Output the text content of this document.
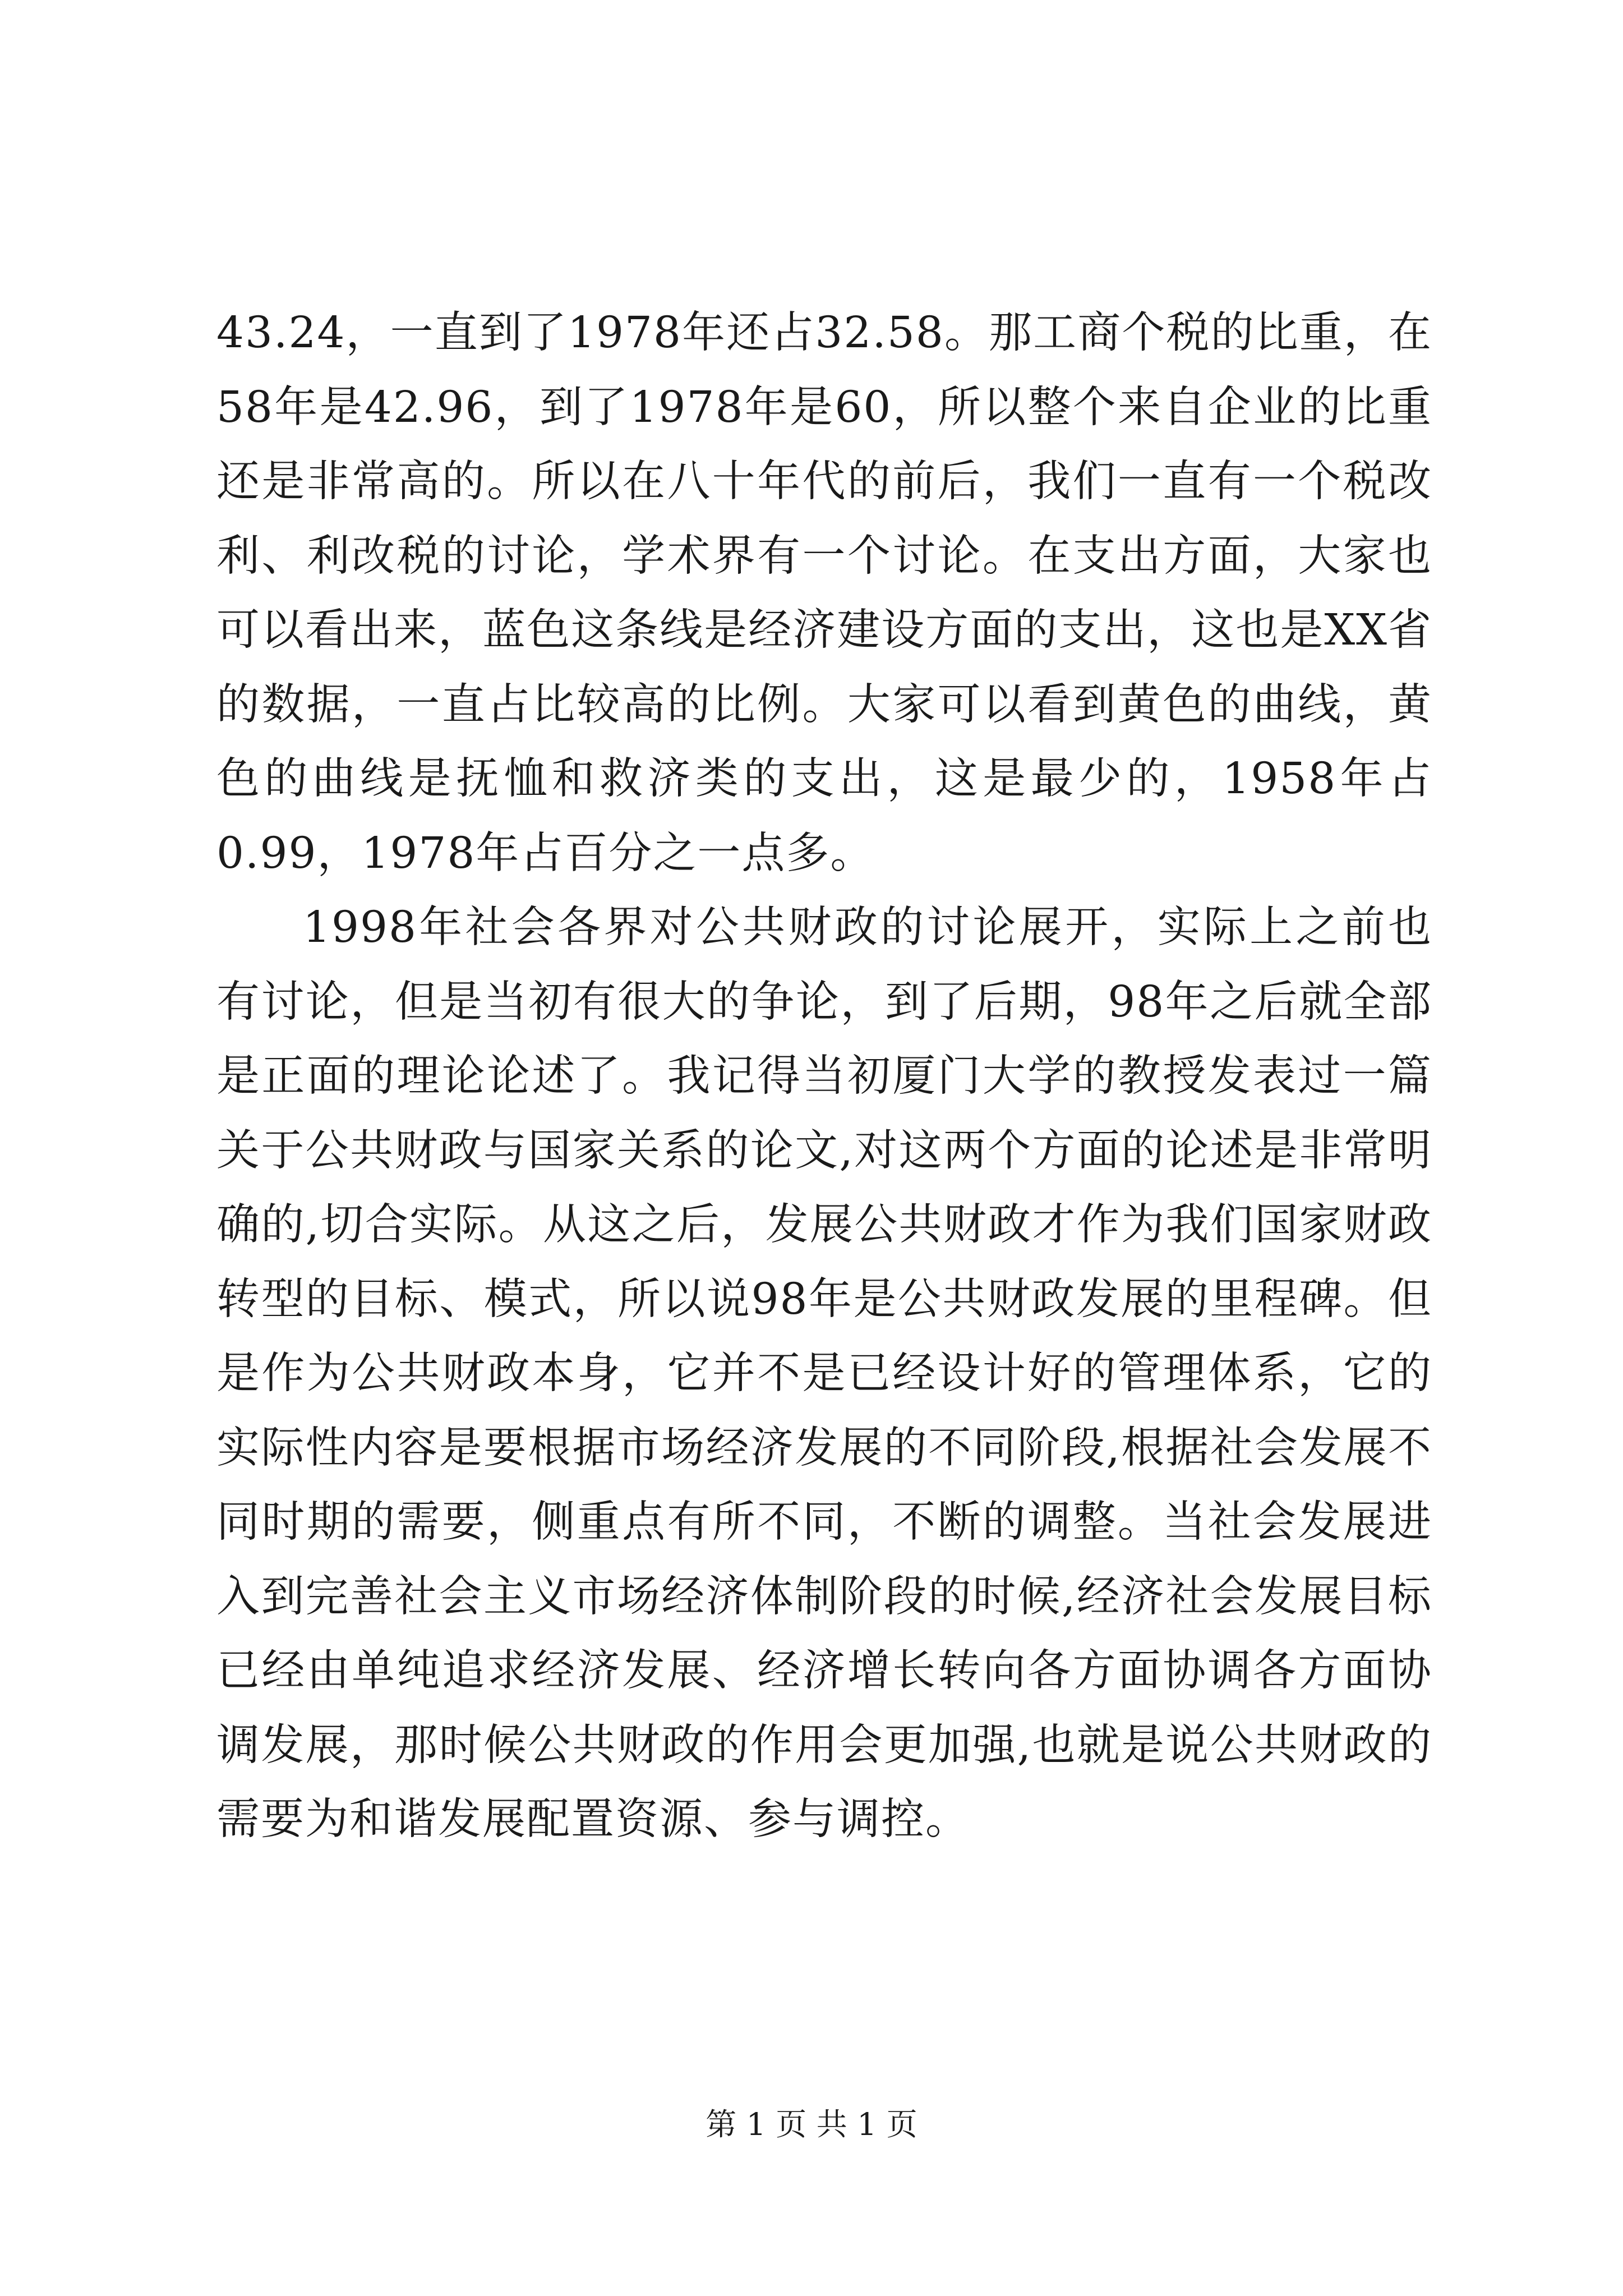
43.24，一直到了1978年还占32.58。那工商个税的比重，在58年是42.96，到了1978年是60，所以整个来自企业的比重还是非常高的。所以在八十年代的前后，我们一直有一个税改利、利改税的讨论，学术界有一个讨论。在支出方面，大家也可以看出来，蓝色这条线是经济建设方面的支出，这也是XX省的数据，一直占比较高的比例。大家可以看到黄色的曲线，黄色的曲线是抚恤和救济类的支出，这是最少的，1958年占0.99，1978年占百分之一点多。

1998年社会各界对公共财政的讨论展开，实际上之前也有讨论，但是当初有很大的争论，到了后期，98年之后就全部是正面的理论论述了。我记得当初厦门大学的教授发表过一篇关于公共财政与国家关系的论文,对这两个方面的论述是非常明确的,切合实际。从这之后，发展公共财政才作为我们国家财政转型的目标、模式，所以说98年是公共财政发展的里程碑。但是作为公共财政本身，它并不是已经设计好的管理体系，它的实际性内容是要根据市场经济发展的不同阶段,根据社会发展不同时期的需要，侧重点有所不同，不断的调整。当社会发展进入到完善社会主义市场经济体制阶段的时候,经济社会发展目标已经由单纯追求经济发展、经济增长转向各方面协调各方面协调发展，那时候公共财政的作用会更加强,也就是说公共财政的需要为和谐发展配置资源、参与调控。

第 1 页 共 1 页
